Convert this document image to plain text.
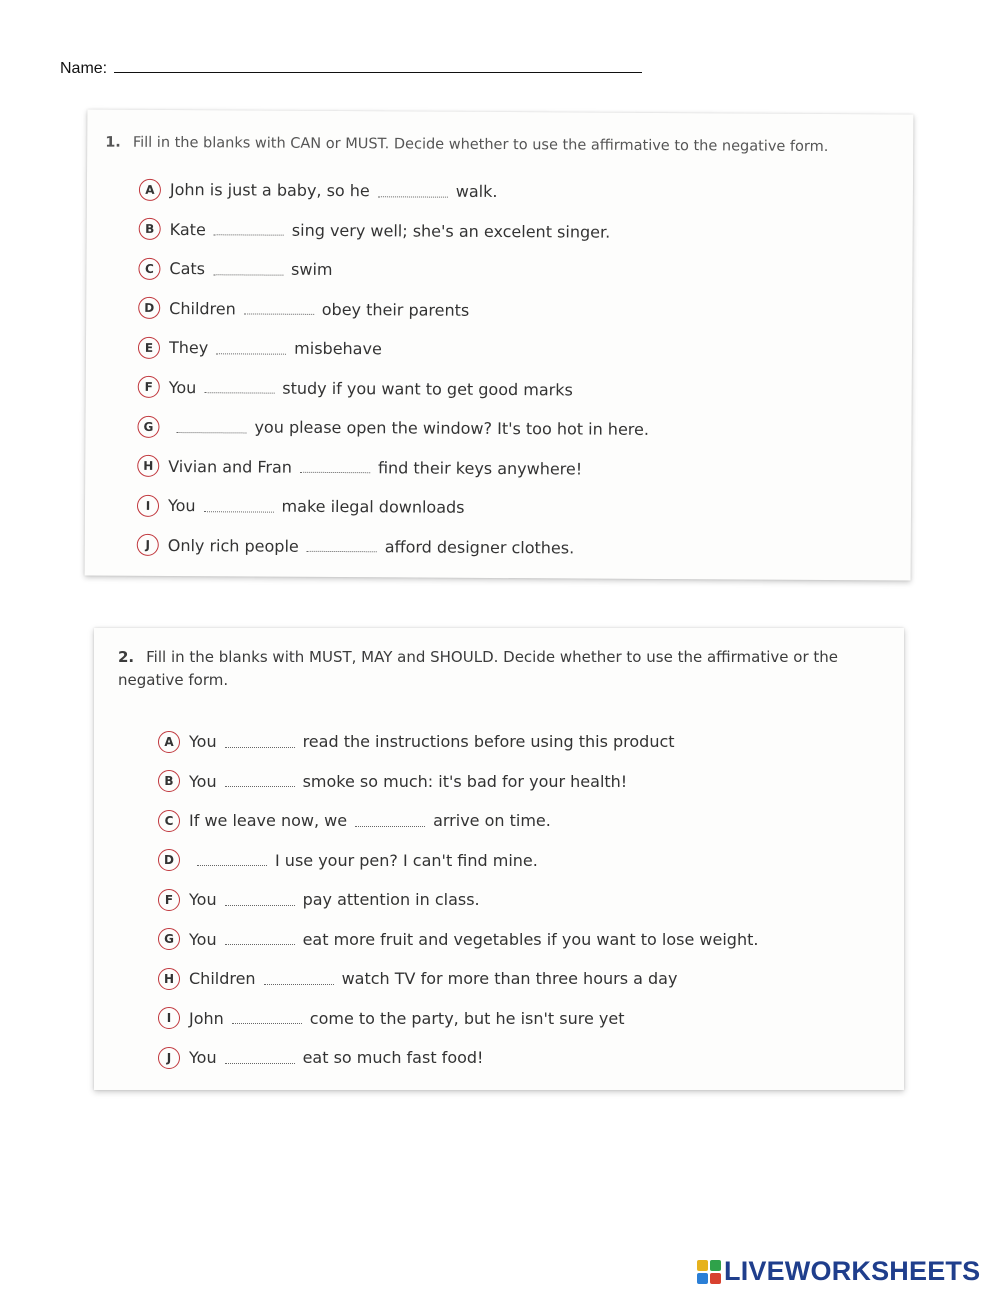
Name:
1. Fill in the blanks with CAN or MUST. Decide whether to use the affirmative to the negative form.
A John is just a baby, so he	walk.
B Kate	sing very well; she's an excelent singer.
C Cats	swim
D Children	obey their parents
E They	misbehave
F You	study if you want to get good marks
G	you please open the window? It's too hot in here.
H Vivian and Fran	find their keys anywhere!
I	You	make ilegal downloads
J	Only rich people	afford designer clothes.
2. Fill in the blanks with MUST, MAY and SHOULD. Decide whether to use the affirmative or the negative form.
A You	read the instructions before using this product
B You	smoke so much: it's bad for your health!
C If we leave now, we	arrive on time.
D	I use your pen? I can't find mine.
F You	pay attention in class.
G You	eat more fruit and vegetables if you want to lose weight.
H Children	watch TV for more than three hours a day
I	John	come to the party, but he isn't sure yet
J	You	eat so much fast food!
LIVEWORKSHEETS
